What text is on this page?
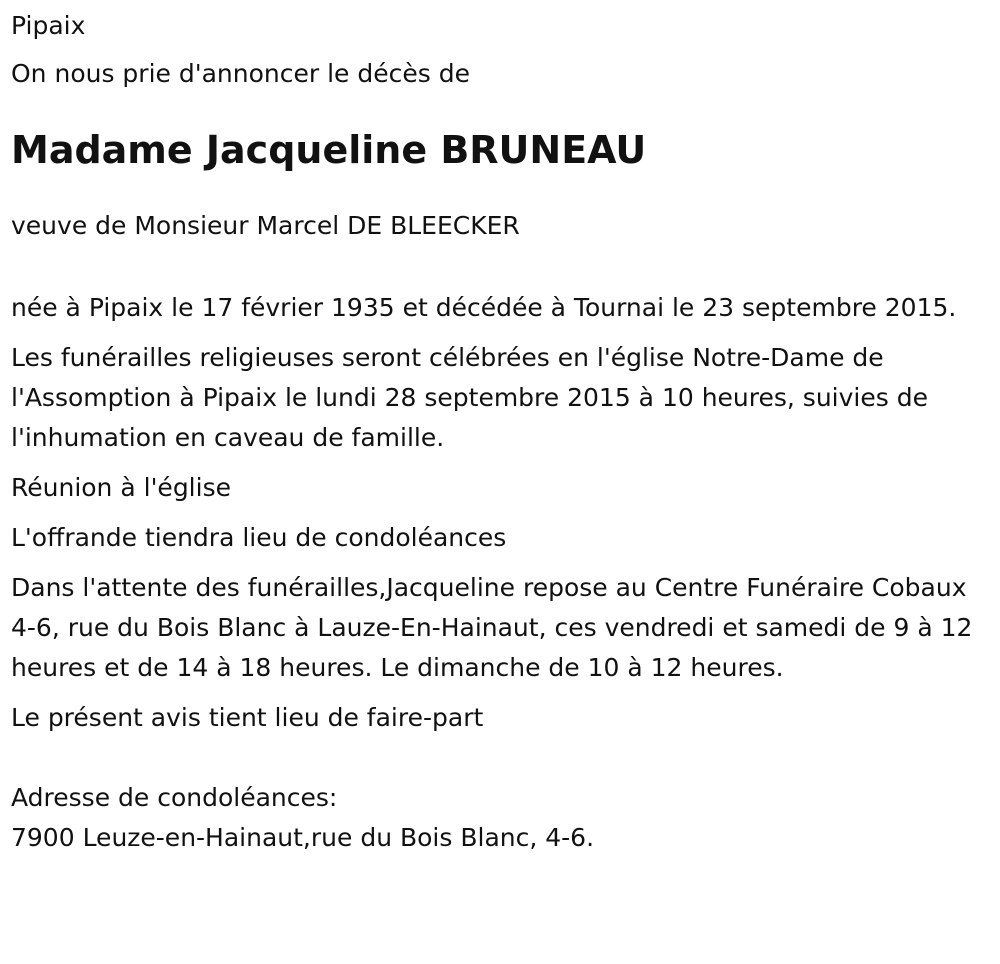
Pipaix

On nous prie d'annoncer le décès de

Madame Jacqueline BRUNEAU

veuve de Monsieur Marcel DE BLEECKER

née à Pipaix le 17 février 1935 et décédée à Tournai le 23 septembre 2015.

Les funérailles religieuses seront célébrées en l'église Notre-Dame de l'Assomption à Pipaix le lundi 28 septembre 2015 à 10 heures, suivies de l'inhumation en caveau de famille.

Réunion à l'église

L'offrande tiendra lieu de condoléances

Dans l'attente des funérailles,Jacqueline repose au Centre Funéraire Cobaux 4-6, rue du Bois Blanc à Lauze-En-Hainaut, ces vendredi et samedi de 9 à 12 heures et de 14 à 18 heures. Le dimanche de 10 à 12 heures.

Le présent avis tient lieu de faire-part

Adresse de condoléances:

7900 Leuze-en-Hainaut,rue du Bois Blanc, 4-6.
